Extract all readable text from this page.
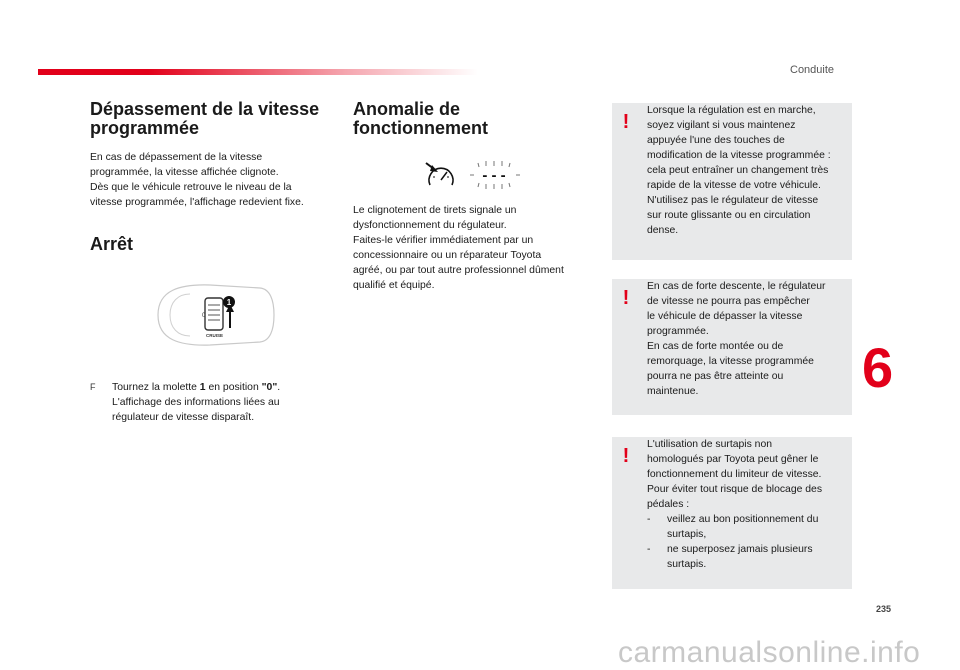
Conduite
6
235
Dépassement de la vitesse programmée

En cas de dépassement de la vitesse
programmée, la vitesse affichée clignote.
Dès que le véhicule retrouve le niveau de la
vitesse programmée, l'affichage redevient fixe.

Arrêt
1
0
CRUISE
F	Tournez la molette 1 en position "0".
L'affichage des informations liées au
régulateur de vitesse disparaît.
Anomalie de fonctionnement
- - -

Le clignotement de tirets signale un
dysfonctionnement du régulateur.
Faites-le vérifier immédiatement par un
concessionnaire ou un réparateur Toyota
agréé, ou par tout autre professionnel dûment
qualifié et équipé.

!
Lorsque la régulation est en marche,
soyez vigilant si vous maintenez
appuyée l'une des touches de
modification de la vitesse programmée :
cela peut entraîner un changement très
rapide de la vitesse de votre véhicule.
N'utilisez pas le régulateur de vitesse
sur route glissante ou en circulation
dense.
!
En cas de forte descente, le régulateur
de vitesse ne pourra pas empêcher
le véhicule de dépasser la vitesse
programmée.
En cas de forte montée ou de
remorquage, la vitesse programmée
pourra ne pas être atteinte ou
maintenue.
!
L'utilisation de surtapis non
homologués par Toyota peut gêner le
fonctionnement du limiteur de vitesse.
Pour éviter tout risque de blocage des
pédales :
-	veillez au bon positionnement du
surtapis,
-	ne superposez jamais plusieurs
surtapis.
carmanualsonline.info
